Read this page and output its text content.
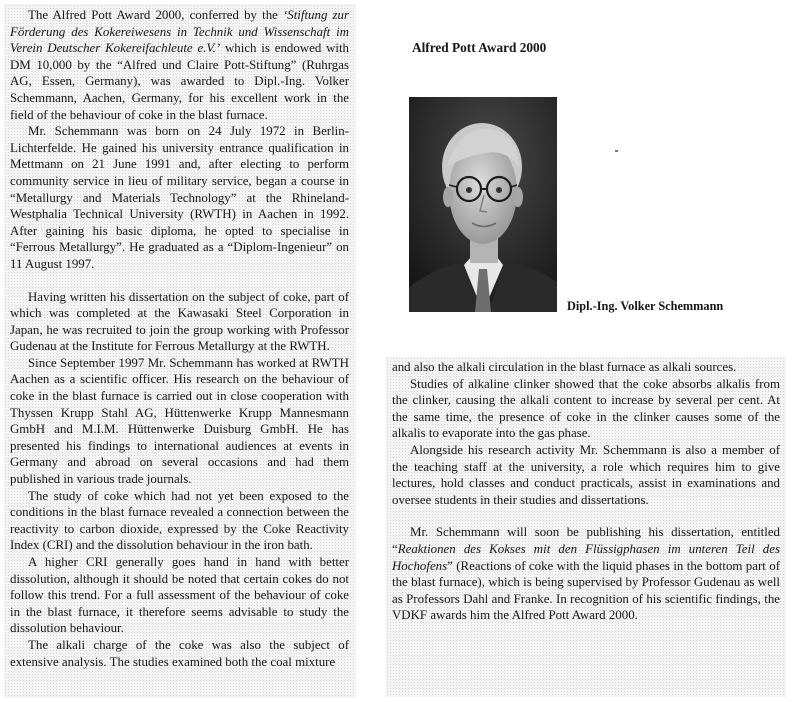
The Alfred Pott Award 2000, conferred by the ‘Stiftung zur Förderung des Kokereiwesens in Technik und Wissenschaft im Verein Deutscher Kokereifachleute e.V.’ which is endowed with DM 10,000 by the “Alfred und Claire Pott-Stiftung” (Ruhrgas AG, Essen, Germany), was awarded to Dipl.-Ing. Volker Schemmann, Aachen, Germany, for his excellent work in the field of the behaviour of coke in the blast furnace.

Mr. Schemmann was born on 24 July 1972 in Berlin-Lichterfelde. He gained his university entrance qualification in Mettmann on 21 June 1991 and, after electing to perform community service in lieu of military service, began a course in “Metallurgy and Materials Technology” at the Rhineland-Westphalia Technical University (RWTH) in Aachen in 1992. After gaining his basic diploma, he opted to specialise in “Ferrous Metallurgy”. He graduated as a “Diplom-Ingenieur” on 11 August 1997.

Having written his dissertation on the subject of coke, part of which was completed at the Kawasaki Steel Corporation in Japan, he was recruited to join the group working with Professor Gudenau at the Institute for Ferrous Metallurgy at the RWTH.

Since September 1997 Mr. Schemmann has worked at RWTH Aachen as a scientific officer. His research on the behaviour of coke in the blast furnace is carried out in close cooperation with Thyssen Krupp Stahl AG, Hüttenwerke Krupp Mannesmann GmbH and M.I.M. Hüttenwerke Duisburg GmbH. He has presented his findings to international audiences at events in Germany and abroad on several occasions and had them published in various trade journals.

The study of coke which had not yet been exposed to the conditions in the blast furnace revealed a connection between the reactivity to carbon dioxide, expressed by the Coke Reactivity Index (CRI) and the dissolution behaviour in the iron bath.

A higher CRI generally goes hand in hand with better dissolution, although it should be noted that certain cokes do not follow this trend. For a full assessment of the behaviour of coke in the blast furnace, it therefore seems advisable to study the dissolution behaviour.

The alkali charge of the coke was also the subject of extensive analysis. The studies examined both the coal mixture

Alfred Pott Award 2000
Dipl.-Ing. Volker Schemmann

and also the alkali circulation in the blast furnace as alkali sources.

Studies of alkaline clinker showed that the coke absorbs alkalis from the clinker, causing the alkali content to increase by several per cent. At the same time, the presence of coke in the clinker causes some of the alkalis to evaporate into the gas phase.

Alongside his research activity Mr. Schemmann is also a member of the teaching staff at the university, a role which requires him to give lectures, hold classes and conduct practicals, assist in examinations and oversee students in their studies and dissertations.

Mr. Schemmann will soon be publishing his dissertation, entitled “Reaktionen des Kokses mit den Flüssigphasen im unteren Teil des Hochofens” (Reactions of coke with the liquid phases in the bottom part of the blast furnace), which is being supervised by Professor Gudenau as well as Professors Dahl and Franke. In recognition of his scientific findings, the VDKF awards him the Alfred Pott Award 2000.
